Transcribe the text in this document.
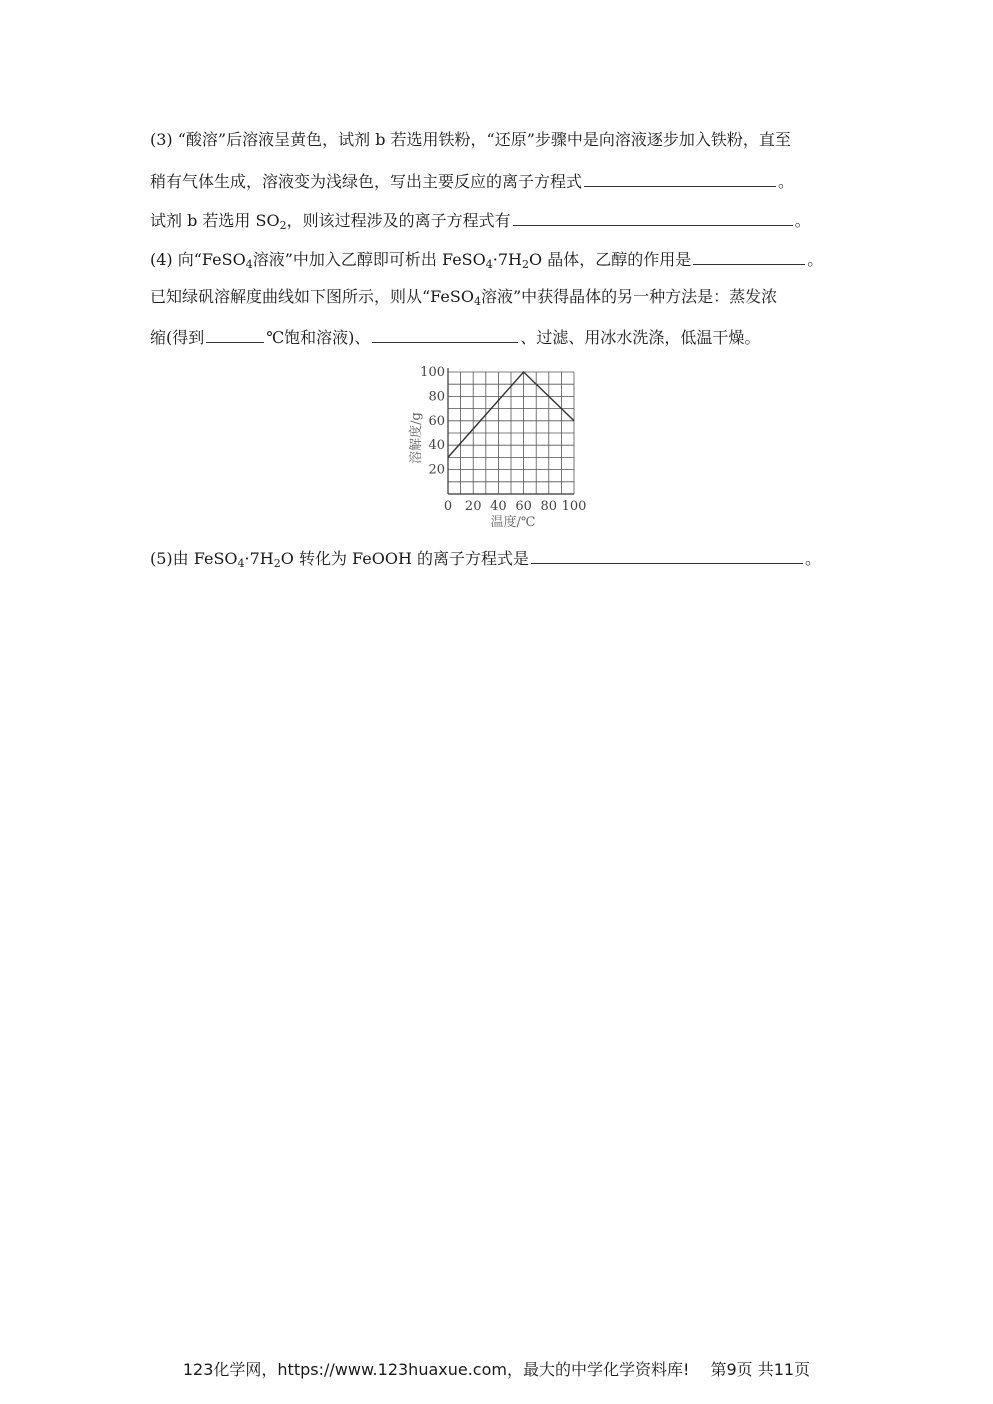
(3) “酸溶”后溶液呈黄色，试剂 b 若选用铁粉，“还原”步骤中是向溶液逐步加入铁粉，直至
稍有气体生成，溶液变为浅绿色，写出主要反应的离子方程式	。
试剂 b 若选用 $SO_2$，则该过程涉及的离子方程式有	。
(4) 向“FeSO$_4$溶液”中加入乙醇即可析出 $FeSO_4\cdot 7H_2O$ 晶体，乙醇的作用是	。
已知绿矾溶解度曲线如下图所示，则从“FeSO$_4$溶液”中获得晶体的另一种方法是：蒸发浓
缩(得到	℃饱和溶液)、	、过滤、用冰水洗涤，低温干燥。
0 20 40 60 80 100
20
40
60
80
100
温度/℃
溶解度/g
(5)由 $FeSO_4\cdot 7H_2O$ 转化为 FeOOH 的离子方程式是	。
123化学网，https://www.123huaxue.com，最大的中学化学资料库!　 第9页 共11页
